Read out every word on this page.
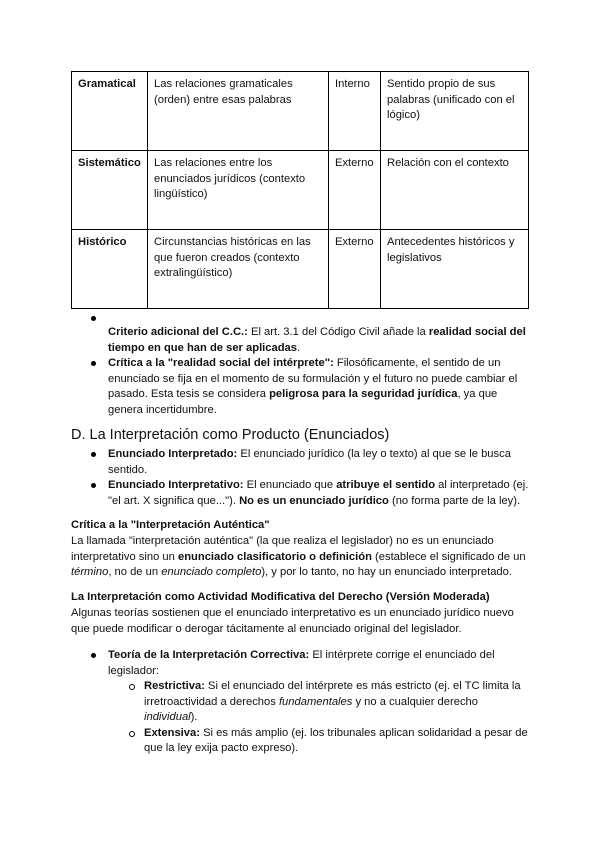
Gramatical	Las relaciones gramaticales (orden) entre esas palabras	Interno	Sentido propio de sus palabras (unificado con el lógico)
Sistemático	Las relaciones entre los enunciados jurídicos (contexto lingüístico)	Externo	Relación con el contexto
Histórico	Circunstancias históricas en las que fueron creados (contexto extralingüístico)	Externo	Antecedentes históricos y legislativos

Criterio adicional del C.C.: El art. 3.1 del Código Civil añade la realidad social del tiempo en que han de ser aplicadas.
Crítica a la "realidad social del intérprete": Filosóficamente, el sentido de un enunciado se fija en el momento de su formulación y el futuro no puede cambiar el pasado. Esta tesis se considera peligrosa para la seguridad jurídica, ya que genera incertidumbre.
D. La Interpretación como Producto (Enunciados)
Enunciado Interpretado: El enunciado jurídico (la ley o texto) al que se le busca sentido.
Enunciado Interpretativo: El enunciado que atribuye el sentido al interpretado (ej. "el art. X significa que..."). No es un enunciado jurídico (no forma parte de la ley).
Crítica a la "Interpretación Auténtica"

La llamada "interpretación auténtica" (la que realiza el legislador) no es un enunciado interpretativo sino un enunciado clasificatorio o definición (establece el significado de un término, no de un enunciado completo), y por lo tanto, no hay un enunciado interpretado.

La Interpretación como Actividad Modificativa del Derecho (Versión Moderada)

Algunas teorías sostienen que el enunciado interpretativo es un enunciado jurídico nuevo que puede modificar o derogar tácitamente al enunciado original del legislador.

Teoría de la Interpretación Correctiva: El intérprete corrige el enunciado del legislador:
Restrictiva: Si el enunciado del intérprete es más estricto (ej. el TC limita la irretroactividad a derechos fundamentales y no a cualquier derecho individual).
Extensiva: Si es más amplio (ej. los tribunales aplican solidaridad a pesar de que la ley exija pacto expreso).
